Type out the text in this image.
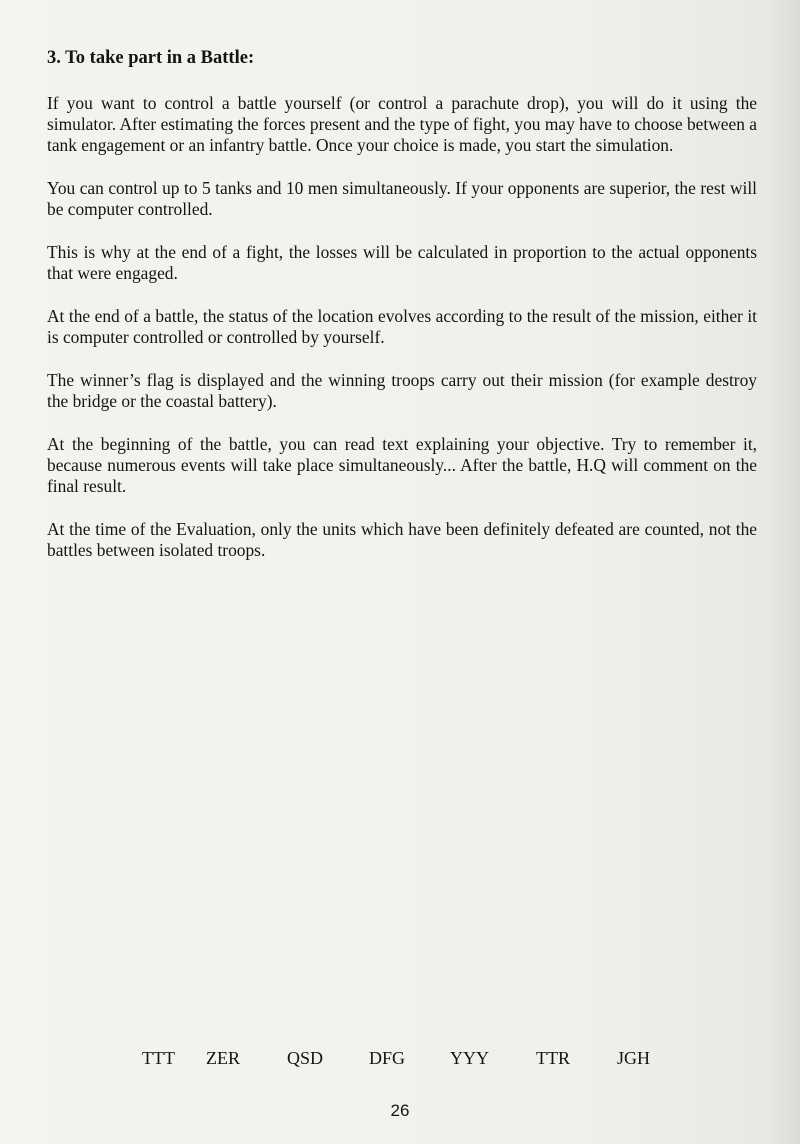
3. To take part in a Battle:

If you want to control a battle yourself (or control a parachute drop), you will do it using the simulator. After estimating the forces present and the type of fight, you may have to choose between a tank engagement or an infantry battle. Once your choice is made, you start the simulation.

You can control up to 5 tanks and 10 men simultaneously. If your opponents are superior, the rest will be computer controlled.

This is why at the end of a fight, the losses will be calculated in proportion to the actual opponents that were engaged.

At the end of a battle, the status of the location evolves according to the result of the mission, either it is computer controlled or controlled by yourself.

The winner’s flag is displayed and the winning troops carry out their mission (for example destroy the bridge or the coastal battery).

At the beginning of the battle, you can read text explaining your objective. Try to remember it, because numerous events will take place simultaneously... After the battle, H.Q will comment on the final result.

At the time of the Evaluation, only the units which have been definitely defeated are counted, not the battles between isolated troops.

TTT ZER	QSD	DFG YYY	TTR	JGH
26
